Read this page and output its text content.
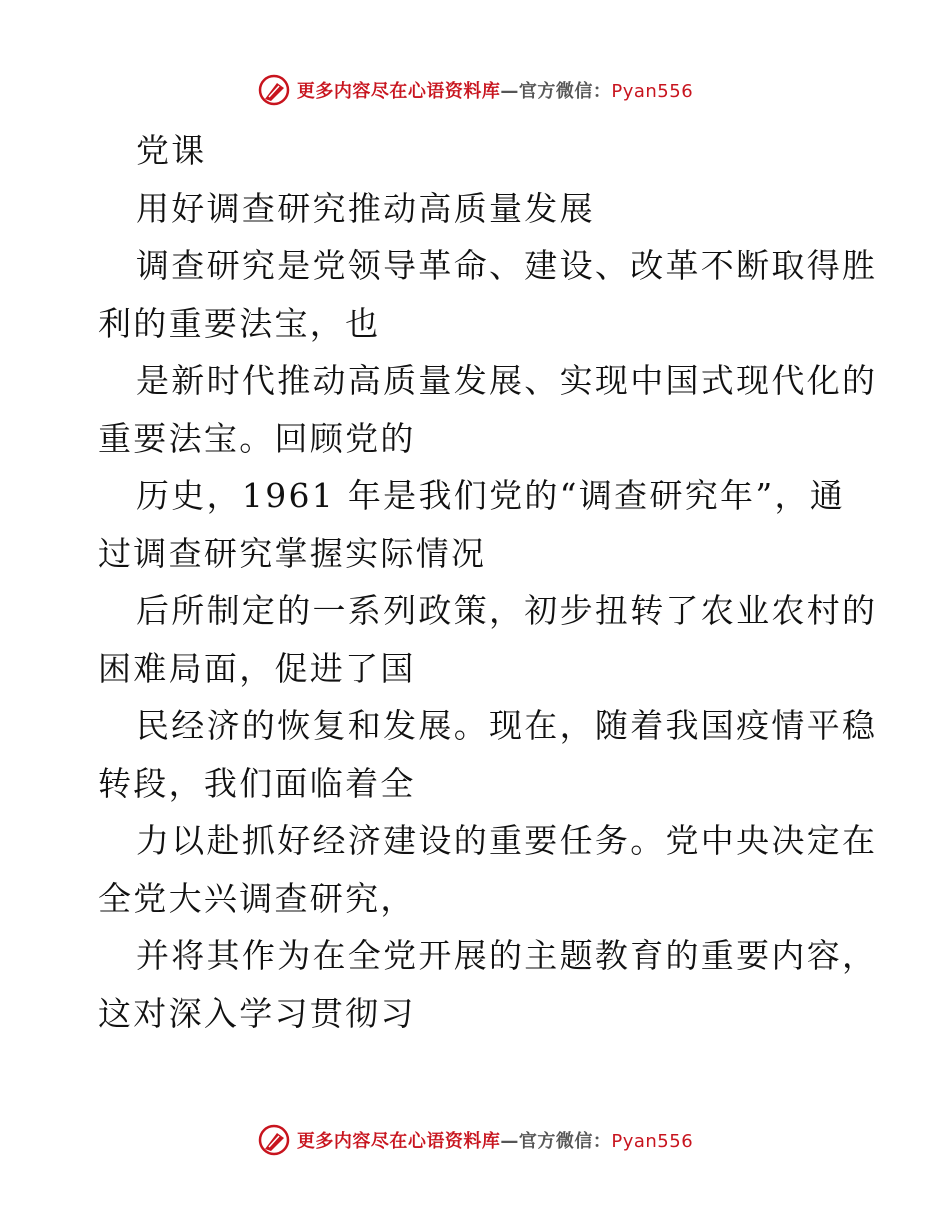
更多内容尽在心语资料库—官方微信：Pyan556
党课
用好调查研究推动高质量发展
调查研究是党领导革命、建设、改革不断取得胜
利的重要法宝，也
是新时代推动高质量发展、实现中国式现代化的
重要法宝。回顾党的
历史，1961 年是我们党的“调查研究年”，通
过调查研究掌握实际情况
后所制定的一系列政策，初步扭转了农业农村的
困难局面，促进了国
民经济的恢复和发展。现在，随着我国疫情平稳
转段，我们面临着全
力以赴抓好经济建设的重要任务。党中央决定在
全党大兴调查研究，
并将其作为在全党开展的主题教育的重要内容，
这对深入学习贯彻习
更多内容尽在心语资料库—官方微信：Pyan556
